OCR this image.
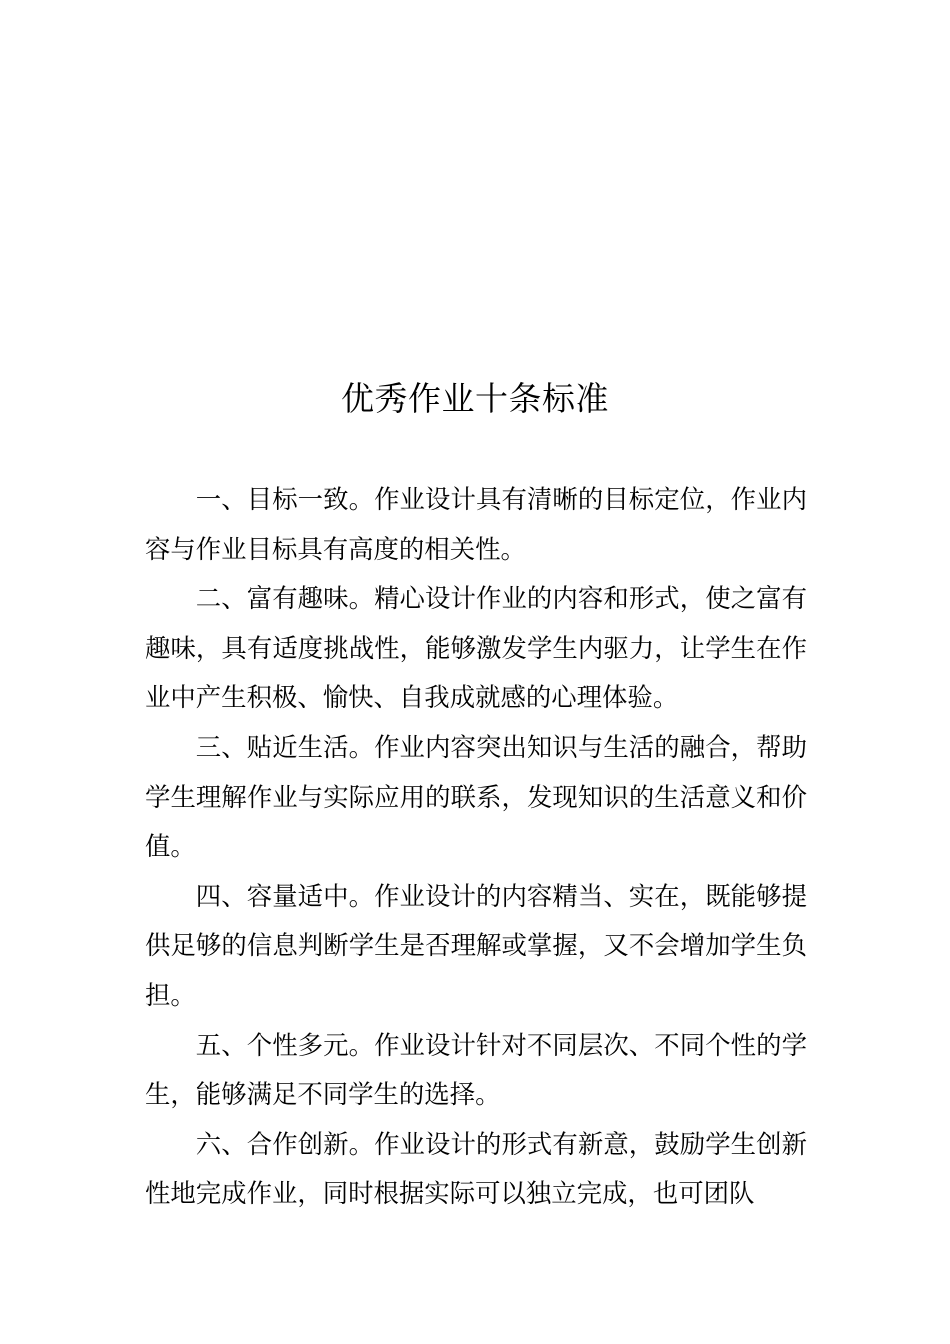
优秀作业十条标准

一、目标一致。作业设计具有清晰的目标定位，作业内容与作业目标具有高度的相关性。

二、富有趣味。精心设计作业的内容和形式，使之富有趣味，具有适度挑战性，能够激发学生内驱力，让学生在作业中产生积极、愉快、自我成就感的心理体验。

三、贴近生活。作业内容突出知识与生活的融合，帮助学生理解作业与实际应用的联系，发现知识的生活意义和价值。

四、容量适中。作业设计的内容精当、实在，既能够提供足够的信息判断学生是否理解或掌握，又不会增加学生负担。

五、个性多元。作业设计针对不同层次、不同个性的学生，能够满足不同学生的选择。

六、合作创新。作业设计的形式有新意，鼓励学生创新性地完成作业，同时根据实际可以独立完成，也可团队
